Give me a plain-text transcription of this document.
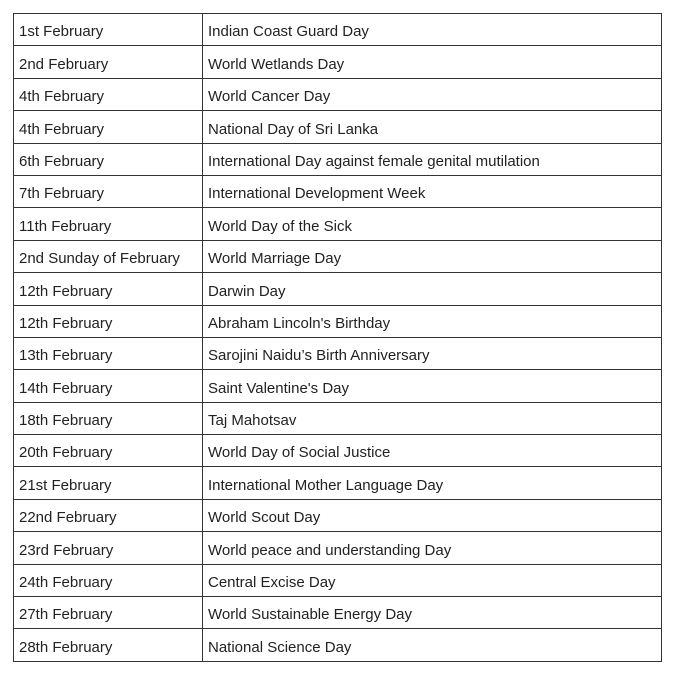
1st February	Indian Coast Guard Day
2nd February	World Wetlands Day
4th February	World Cancer Day
4th February	National Day of Sri Lanka
6th February	International Day against female genital mutilation
7th February	International Development Week
11th February	World Day of the Sick
2nd Sunday of February	World Marriage Day
12th February	Darwin Day
12th February	Abraham Lincoln's Birthday
13th February	Sarojini Naidu’s Birth Anniversary
14th February	Saint Valentine's Day
18th February	Taj Mahotsav
20th February	World Day of Social Justice
21st February	International Mother Language Day
22nd February	World Scout Day
23rd February	World peace and understanding Day
24th February	Central Excise Day
27th February	World Sustainable Energy Day
28th February	National Science Day
